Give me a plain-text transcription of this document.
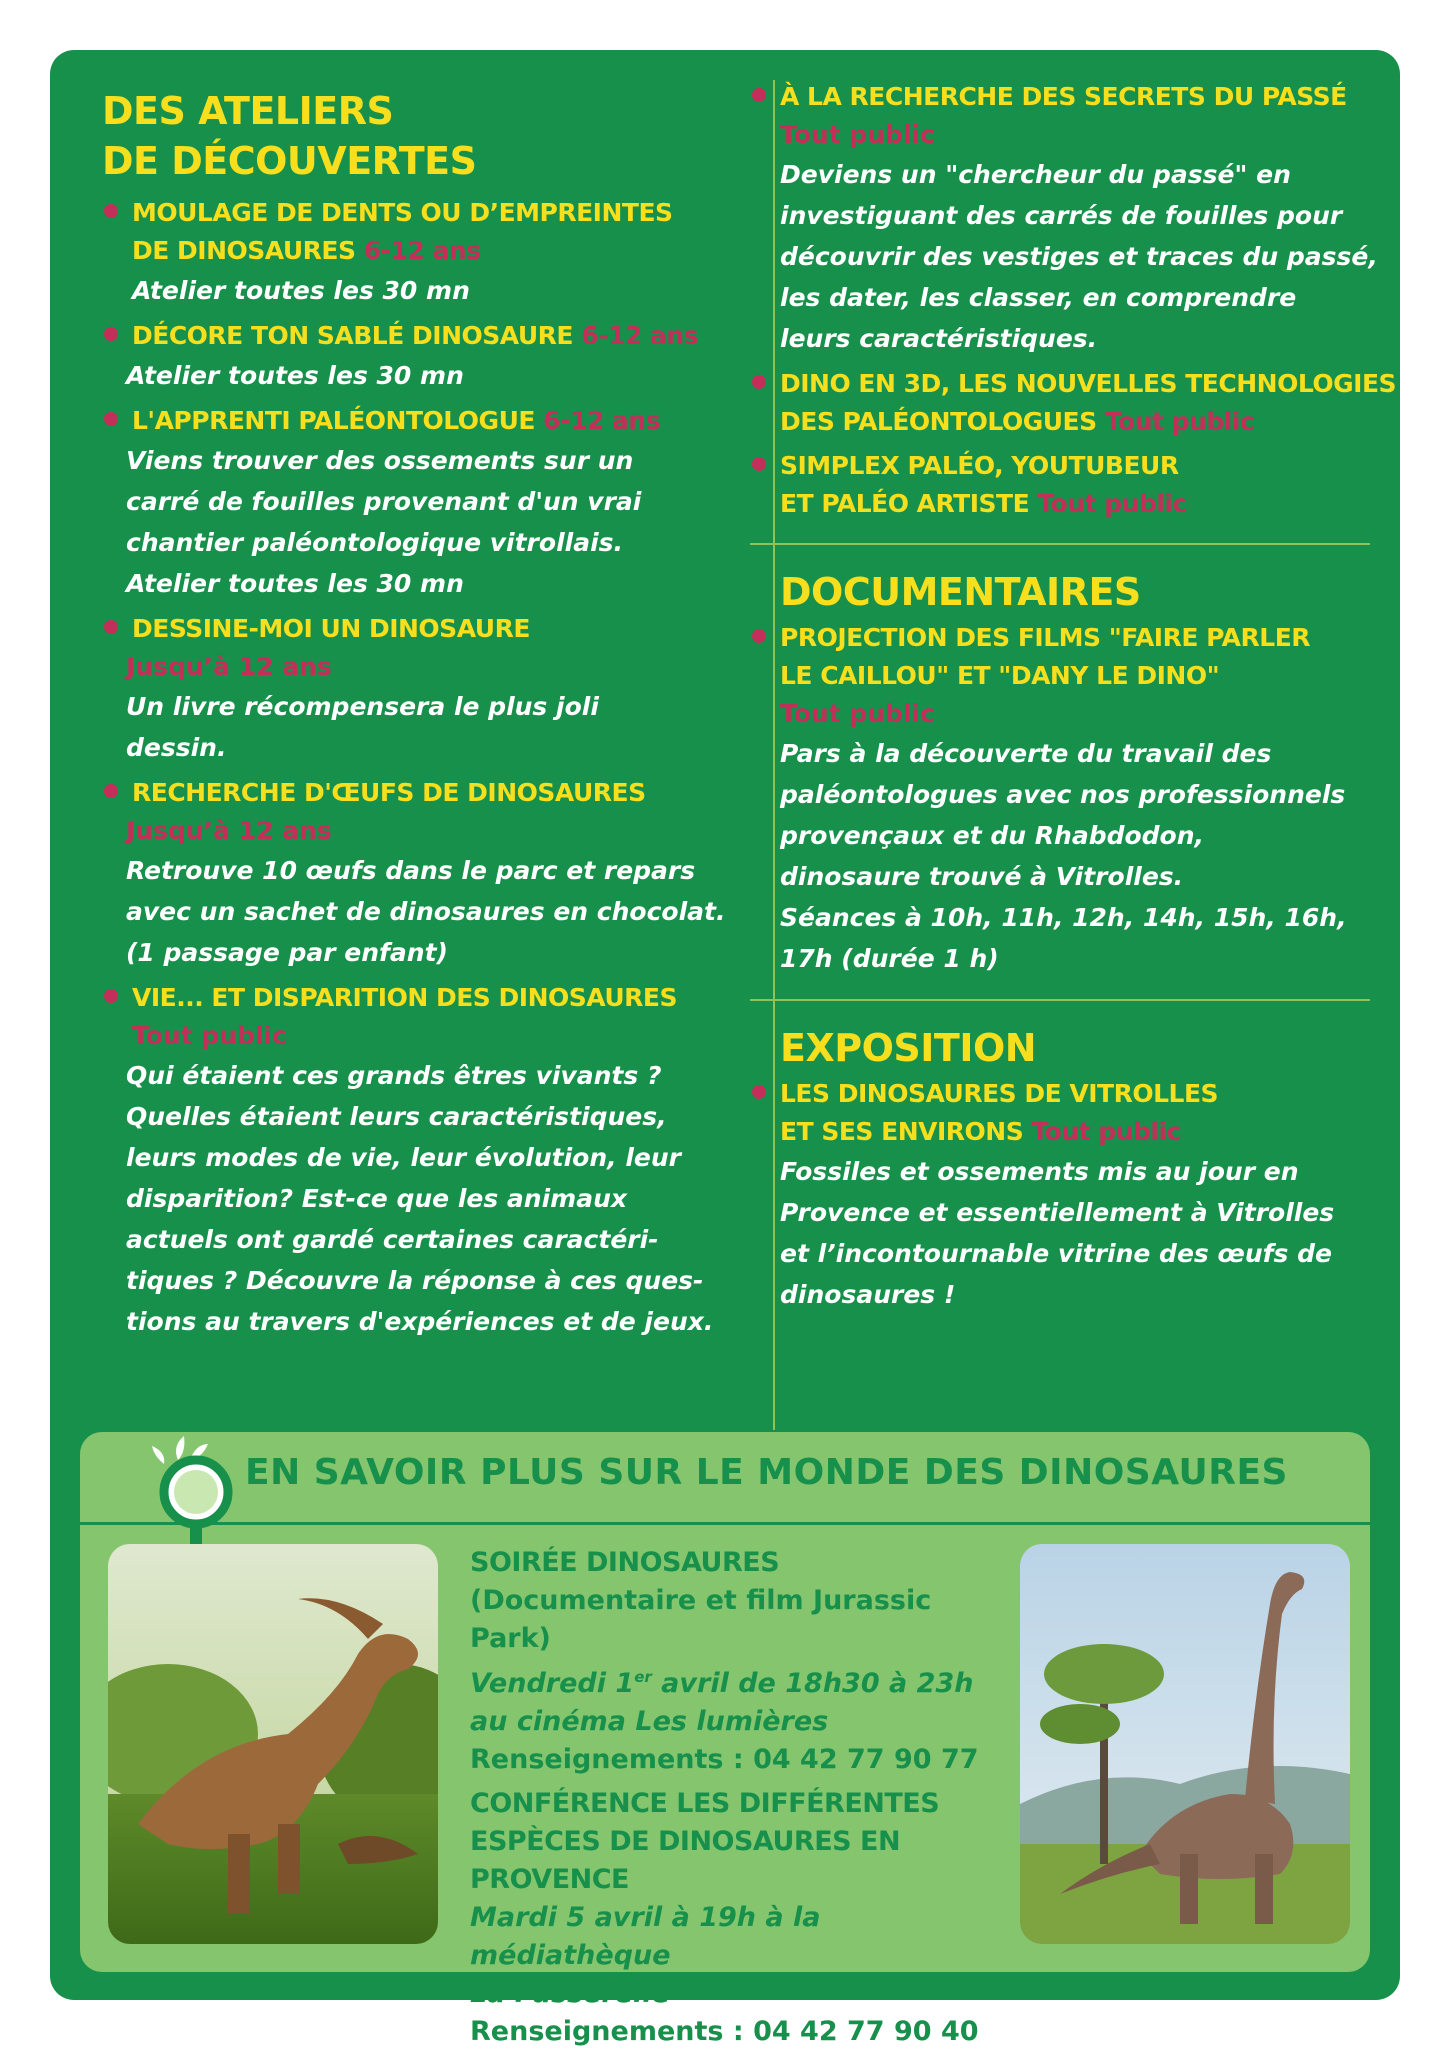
DES ATELIERS
DE DÉCOUVERTES
MOULAGE DE DENTS OU D’EMPREINTES
DE DINOSAURES 6-12 ans
Atelier toutes les 30 mn
DÉCORE TON SABLÉ DINOSAURE 6-12 ans
Atelier toutes les 30 mn
L'APPRENTI PALÉONTOLOGUE 6-12 ans
Viens trouver des ossements sur un
carré de fouilles provenant d'un vrai
chantier paléontologique vitrollais.
Atelier toutes les 30 mn
DESSINE-MOI UN DINOSAURE
Jusqu’à 12 ans
Un livre récompensera le plus joli
dessin.
RECHERCHE D'ŒUFS DE DINOSAURES
Jusqu’à 12 ans
Retrouve 10 œufs dans le parc et repars
avec un sachet de dinosaures en chocolat.
(1 passage par enfant)
VIE... ET DISPARITION DES DINOSAURES
Tout public
Qui étaient ces grands êtres vivants ?
Quelles étaient leurs caractéristiques,
leurs modes de vie, leur évolution, leur
disparition? Est-ce que les animaux
actuels ont gardé certaines caractéri-
tiques ? Découvre la réponse à ces ques-
tions au travers d'expériences et de jeux.
À LA RECHERCHE DES SECRETS DU PASSÉ
Tout public
Deviens un "chercheur du passé" en
investiguant des carrés de fouilles pour
découvrir des vestiges et traces du passé,
les dater, les classer, en comprendre
leurs caractéristiques.
DINO EN 3D, LES NOUVELLES TECHNOLOGIES
DES PALÉONTOLOGUES Tout public
SIMPLEX PALÉO, YOUTUBEUR
ET PALÉO ARTISTE Tout public
DOCUMENTAIRES
PROJECTION DES FILMS "FAIRE PARLER
LE CAILLOU" ET "DANY LE DINO"
Tout public
Pars à la découverte du travail des
paléontologues avec nos professionnels
provençaux et du Rhabdodon,
dinosaure trouvé à Vitrolles.
Séances à 10h, 11h, 12h, 14h, 15h, 16h,
17h (durée 1 h)
EXPOSITION
LES DINOSAURES DE VITROLLES
ET SES ENVIRONS Tout public
Fossiles et ossements mis au jour en
Provence et essentiellement à Vitrolles
et l’incontournable vitrine des œufs de
dinosaures !
EN SAVOIR PLUS SUR LE MONDE DES DINOSAURES
SOIRÉE DINOSAURES
(Documentaire et film Jurassic Park)
Vendredi 1er avril de 18h30 à 23h
au cinéma Les lumières
Renseignements : 04 42 77 90 77
CONFÉRENCE LES DIFFÉRENTES
ESPÈCES DE DINOSAURES EN PROVENCE
Mardi 5 avril à 19h à la médiathèque
La Passerelle
Renseignements : 04 42 77 90 40
